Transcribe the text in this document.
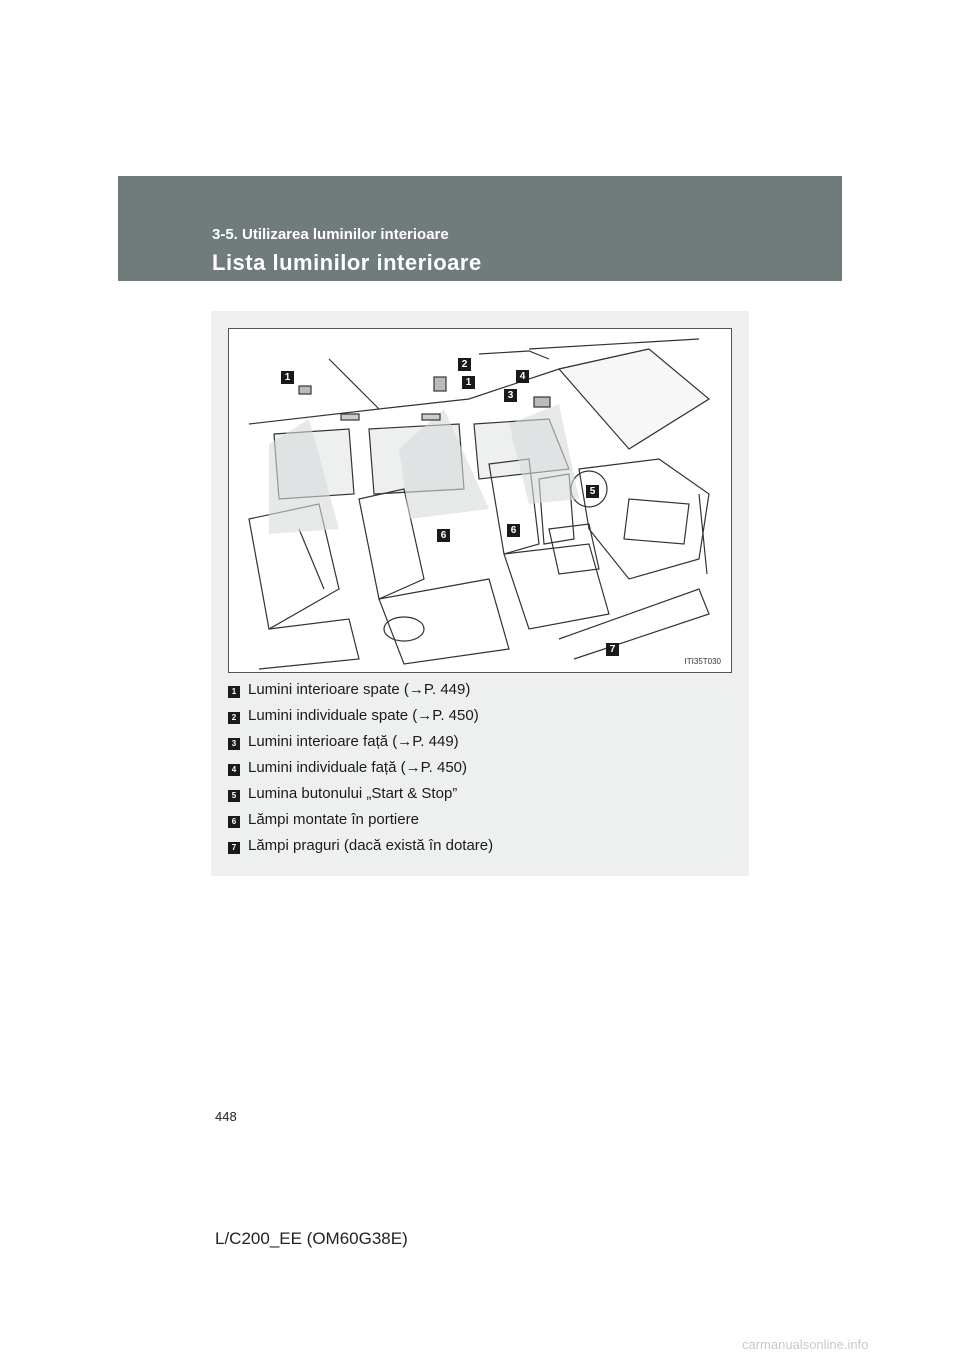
3-5. Utilizarea luminilor interioare
Lista luminilor interioare
1
2
1
4
3
5
6	6
7
ITI35T030
1 Lumini interioare spate (→P. 449)
2 Lumini individuale spate (→P. 450)
3 Lumini interioare față (→P. 449)
4 Lumini individuale față (→P. 450)
5 Lumina butonului „Start & Stop”
6 Lămpi montate în portiere
7 Lămpi praguri (dacă există în dotare)
448
L/C200_EE (OM60G38E)
carmanualsonline.info
